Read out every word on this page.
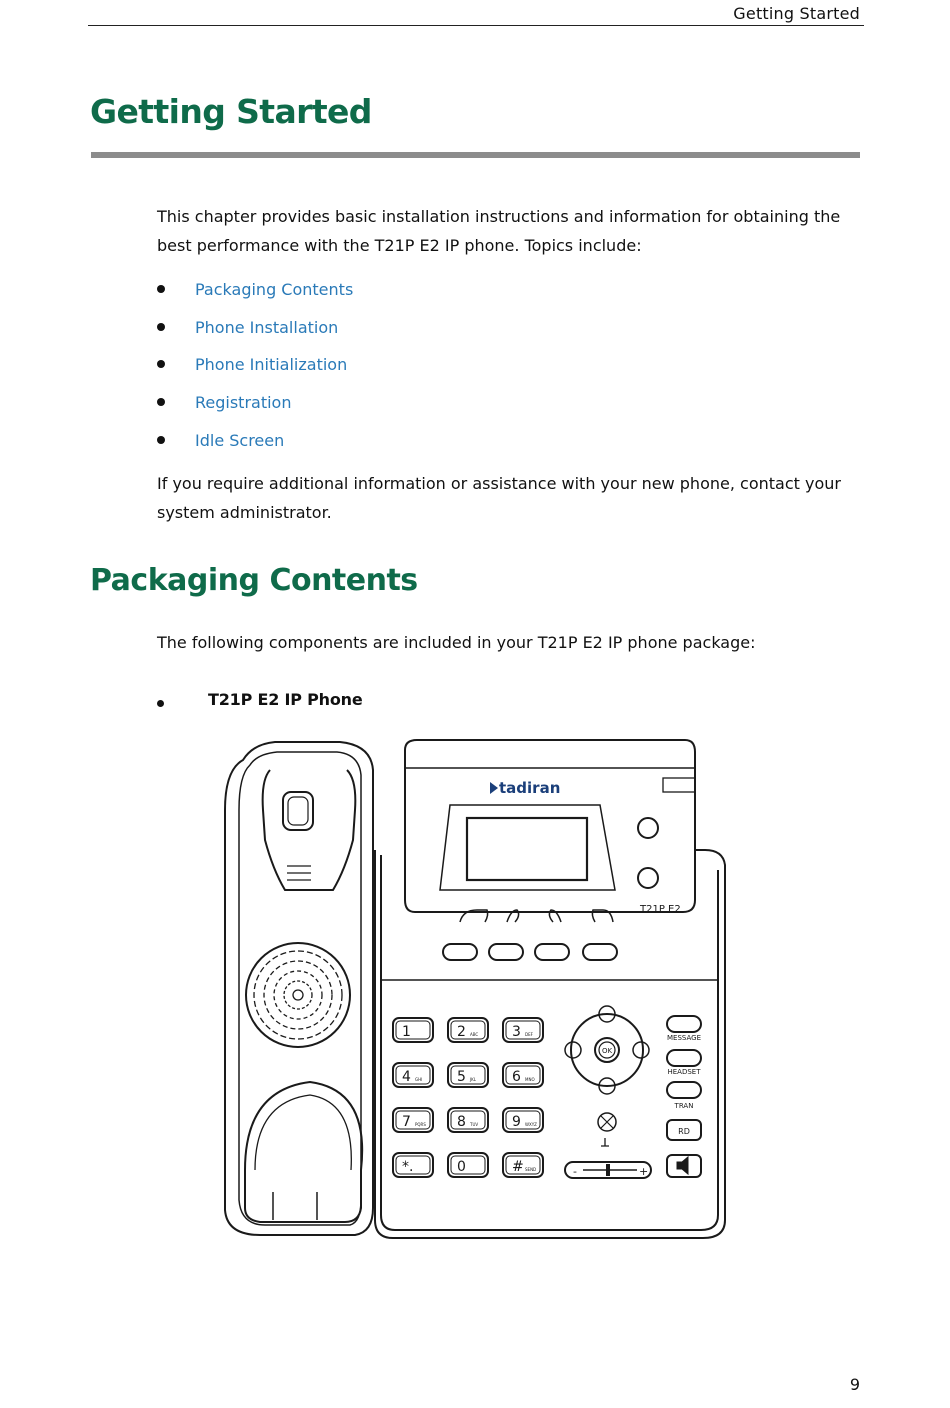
Getting Started
Getting Started

This chapter provides basic installation instructions and information for obtaining the best performance with the T21P E2 IP phone. Topics include:

Packaging Contents
Phone Installation
Phone Initialization
Registration
Idle Screen

If you require additional information or assistance with your new phone, contact your system administrator.

Packaging Contents

The following components are included in your T21P E2 IP phone package:

T21P E2 IP Phone
tadiran
T21P E2
1	2 ABC 3 DEF
4 GHI 5 JKL	6 MNO
7 PQRS 8 TUV 9 WXYZ
*.	0	# SEND
OK
MESSAGE
HEADSET
TRAN
RD
-	+
9
